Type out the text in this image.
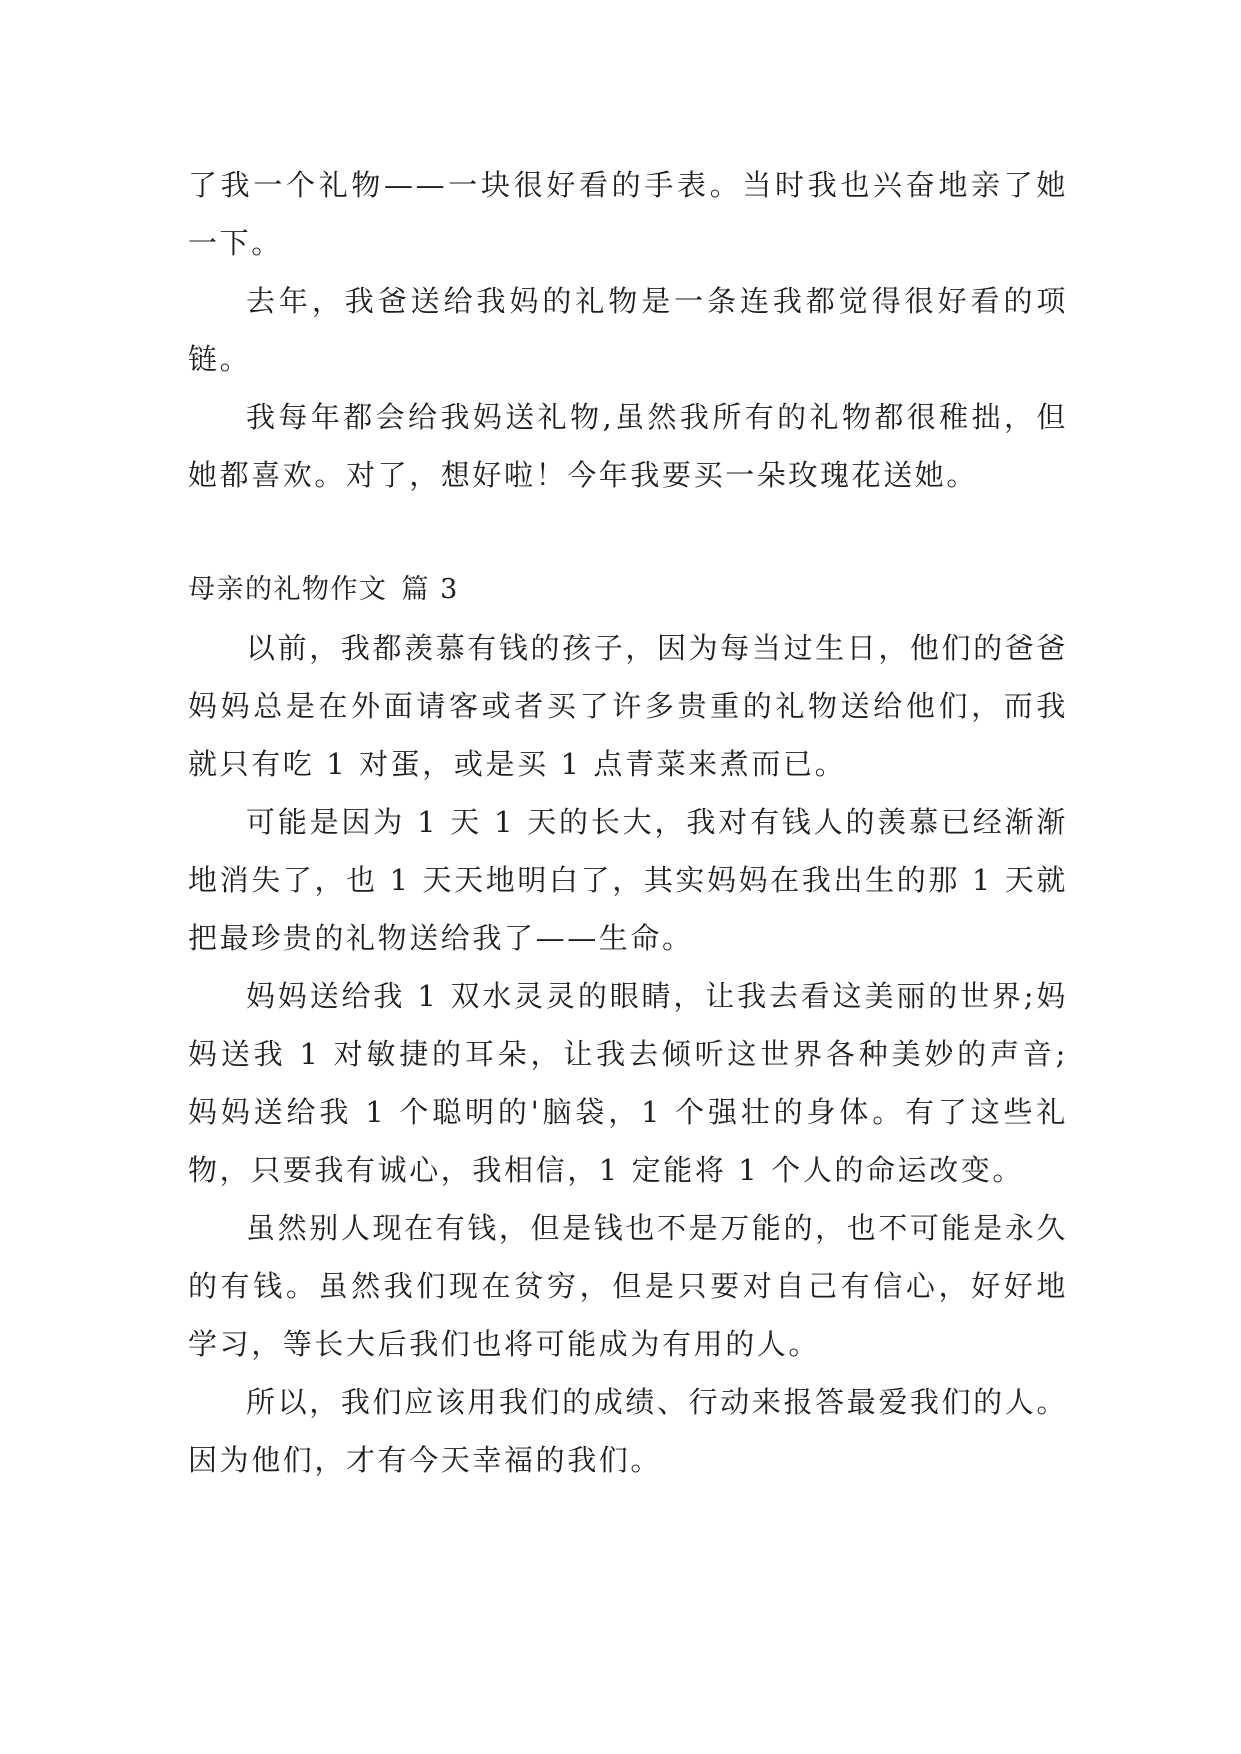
了我一个礼物——一块很好看的手表。当时我也兴奋地亲了她一下。

去年，我爸送给我妈的礼物是一条连我都觉得很好看的项链。

我每年都会给我妈送礼物,虽然我所有的礼物都很稚拙，但她都喜欢。对了，想好啦！今年我要买一朵玫瑰花送她。

母亲的礼物作文 篇 3

以前，我都羡慕有钱的孩子，因为每当过生日，他们的爸爸妈妈总是在外面请客或者买了许多贵重的礼物送给他们，而我就只有吃 1 对蛋，或是买 1 点青菜来煮而已。

可能是因为 1 天 1 天的长大，我对有钱人的羡慕已经渐渐地消失了，也 1 天天地明白了，其实妈妈在我出生的那 1 天就把最珍贵的礼物送给我了——生命。

妈妈送给我 1 双水灵灵的眼睛，让我去看这美丽的世界;妈妈送我 1 对敏捷的耳朵，让我去倾听这世界各种美妙的声音; 妈妈送给我 1 个聪明的'脑袋，1 个强壮的身体。有了这些礼物，只要我有诚心，我相信，1 定能将 1 个人的命运改变。

虽然别人现在有钱，但是钱也不是万能的，也不可能是永久的有钱。虽然我们现在贫穷，但是只要对自己有信心，好好地学习，等长大后我们也将可能成为有用的人。

所以，我们应该用我们的成绩、行动来报答最爱我们的人。因为他们，才有今天幸福的我们。
